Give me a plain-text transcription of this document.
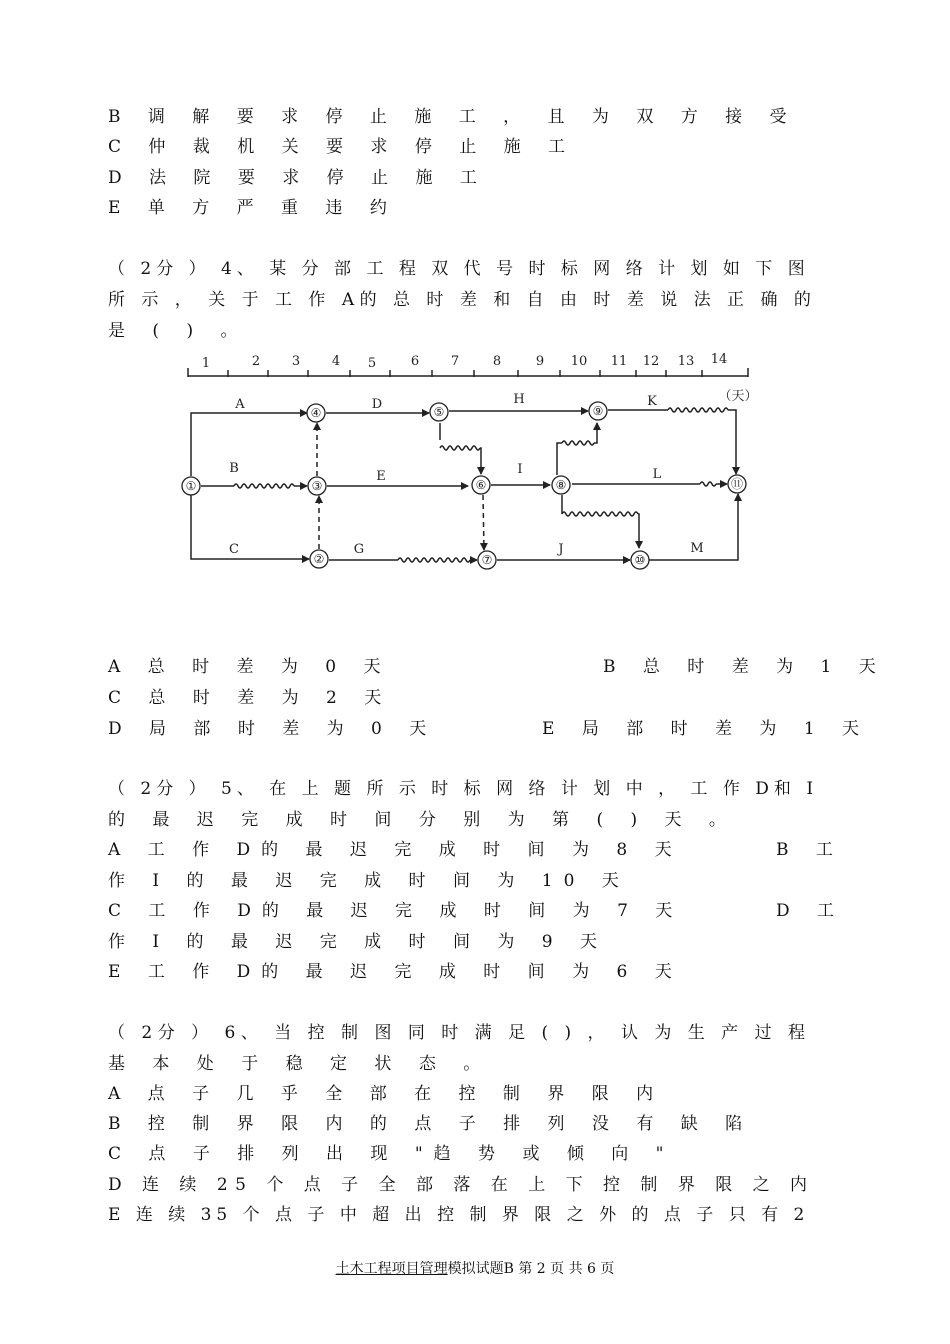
B 调 解 要 求 停 止 施 工 ， 且 为 双 方 接 受
C 仲 裁 机 关 要 求 停 止 施 工
D 法 院 要 求 停 止 施 工
E 单 方 严 重 违 约
（ 2分 ） 4、 某 分 部 工 程 双 代 号 时 标 网 络 计 划 如 下 图
所 示 ， 关 于 工 作 A的 总 时 差 和 自 由 时 差 说 法 正 确 的
是 ( ) 。
1	2 3 4 5	6 7	8	9 10 11 12 13 14
（天）
①
②
③
④	⑤
⑥
⑦
⑧
⑨
⑩
⑪
A
B
C
D
E
G
H
I
J
K
L
M
A 总 时 差 为 0 天	B 总 时 差 为 1 天
C 总 时 差 为 2 天
D 局 部 时 差 为 0 天	E 局 部 时 差 为 1 天
（ 2分 ） 5、 在 上 题 所 示 时 标 网 络 计 划 中 ， 工 作 D和 I
的 最 迟 完 成 时 间 分 别 为 第 ( ) 天 。
A 工 作 D的 最 迟 完 成 时 间 为 8 天	B 工
作 I 的 最 迟 完 成 时 间 为 10 天
C 工 作 D的 最 迟 完 成 时 间 为 7 天	D 工
作 I 的 最 迟 完 成 时 间 为 9 天
E 工 作 D的 最 迟 完 成 时 间 为 6 天
（ 2分 ） 6、 当 控 制 图 同 时 满 足 ( ) ， 认 为 生 产 过 程
基 本 处 于 稳 定 状 态 。
A 点 子 几 乎 全 部 在 控 制 界 限 内
B 控 制 界 限 内 的 点 子 排 列 没 有 缺 陷
C 点 子 排 列 出 现 "趋 势 或 倾 向 "
D 连 续 25 个 点 子 全 部 落 在 上 下 控 制 界 限 之 内
E 连 续 35 个 点 子 中 超 出 控 制 界 限 之 外 的 点 子 只 有 2
土木工程项目管理模拟试题B 第 2 页 共 6 页
